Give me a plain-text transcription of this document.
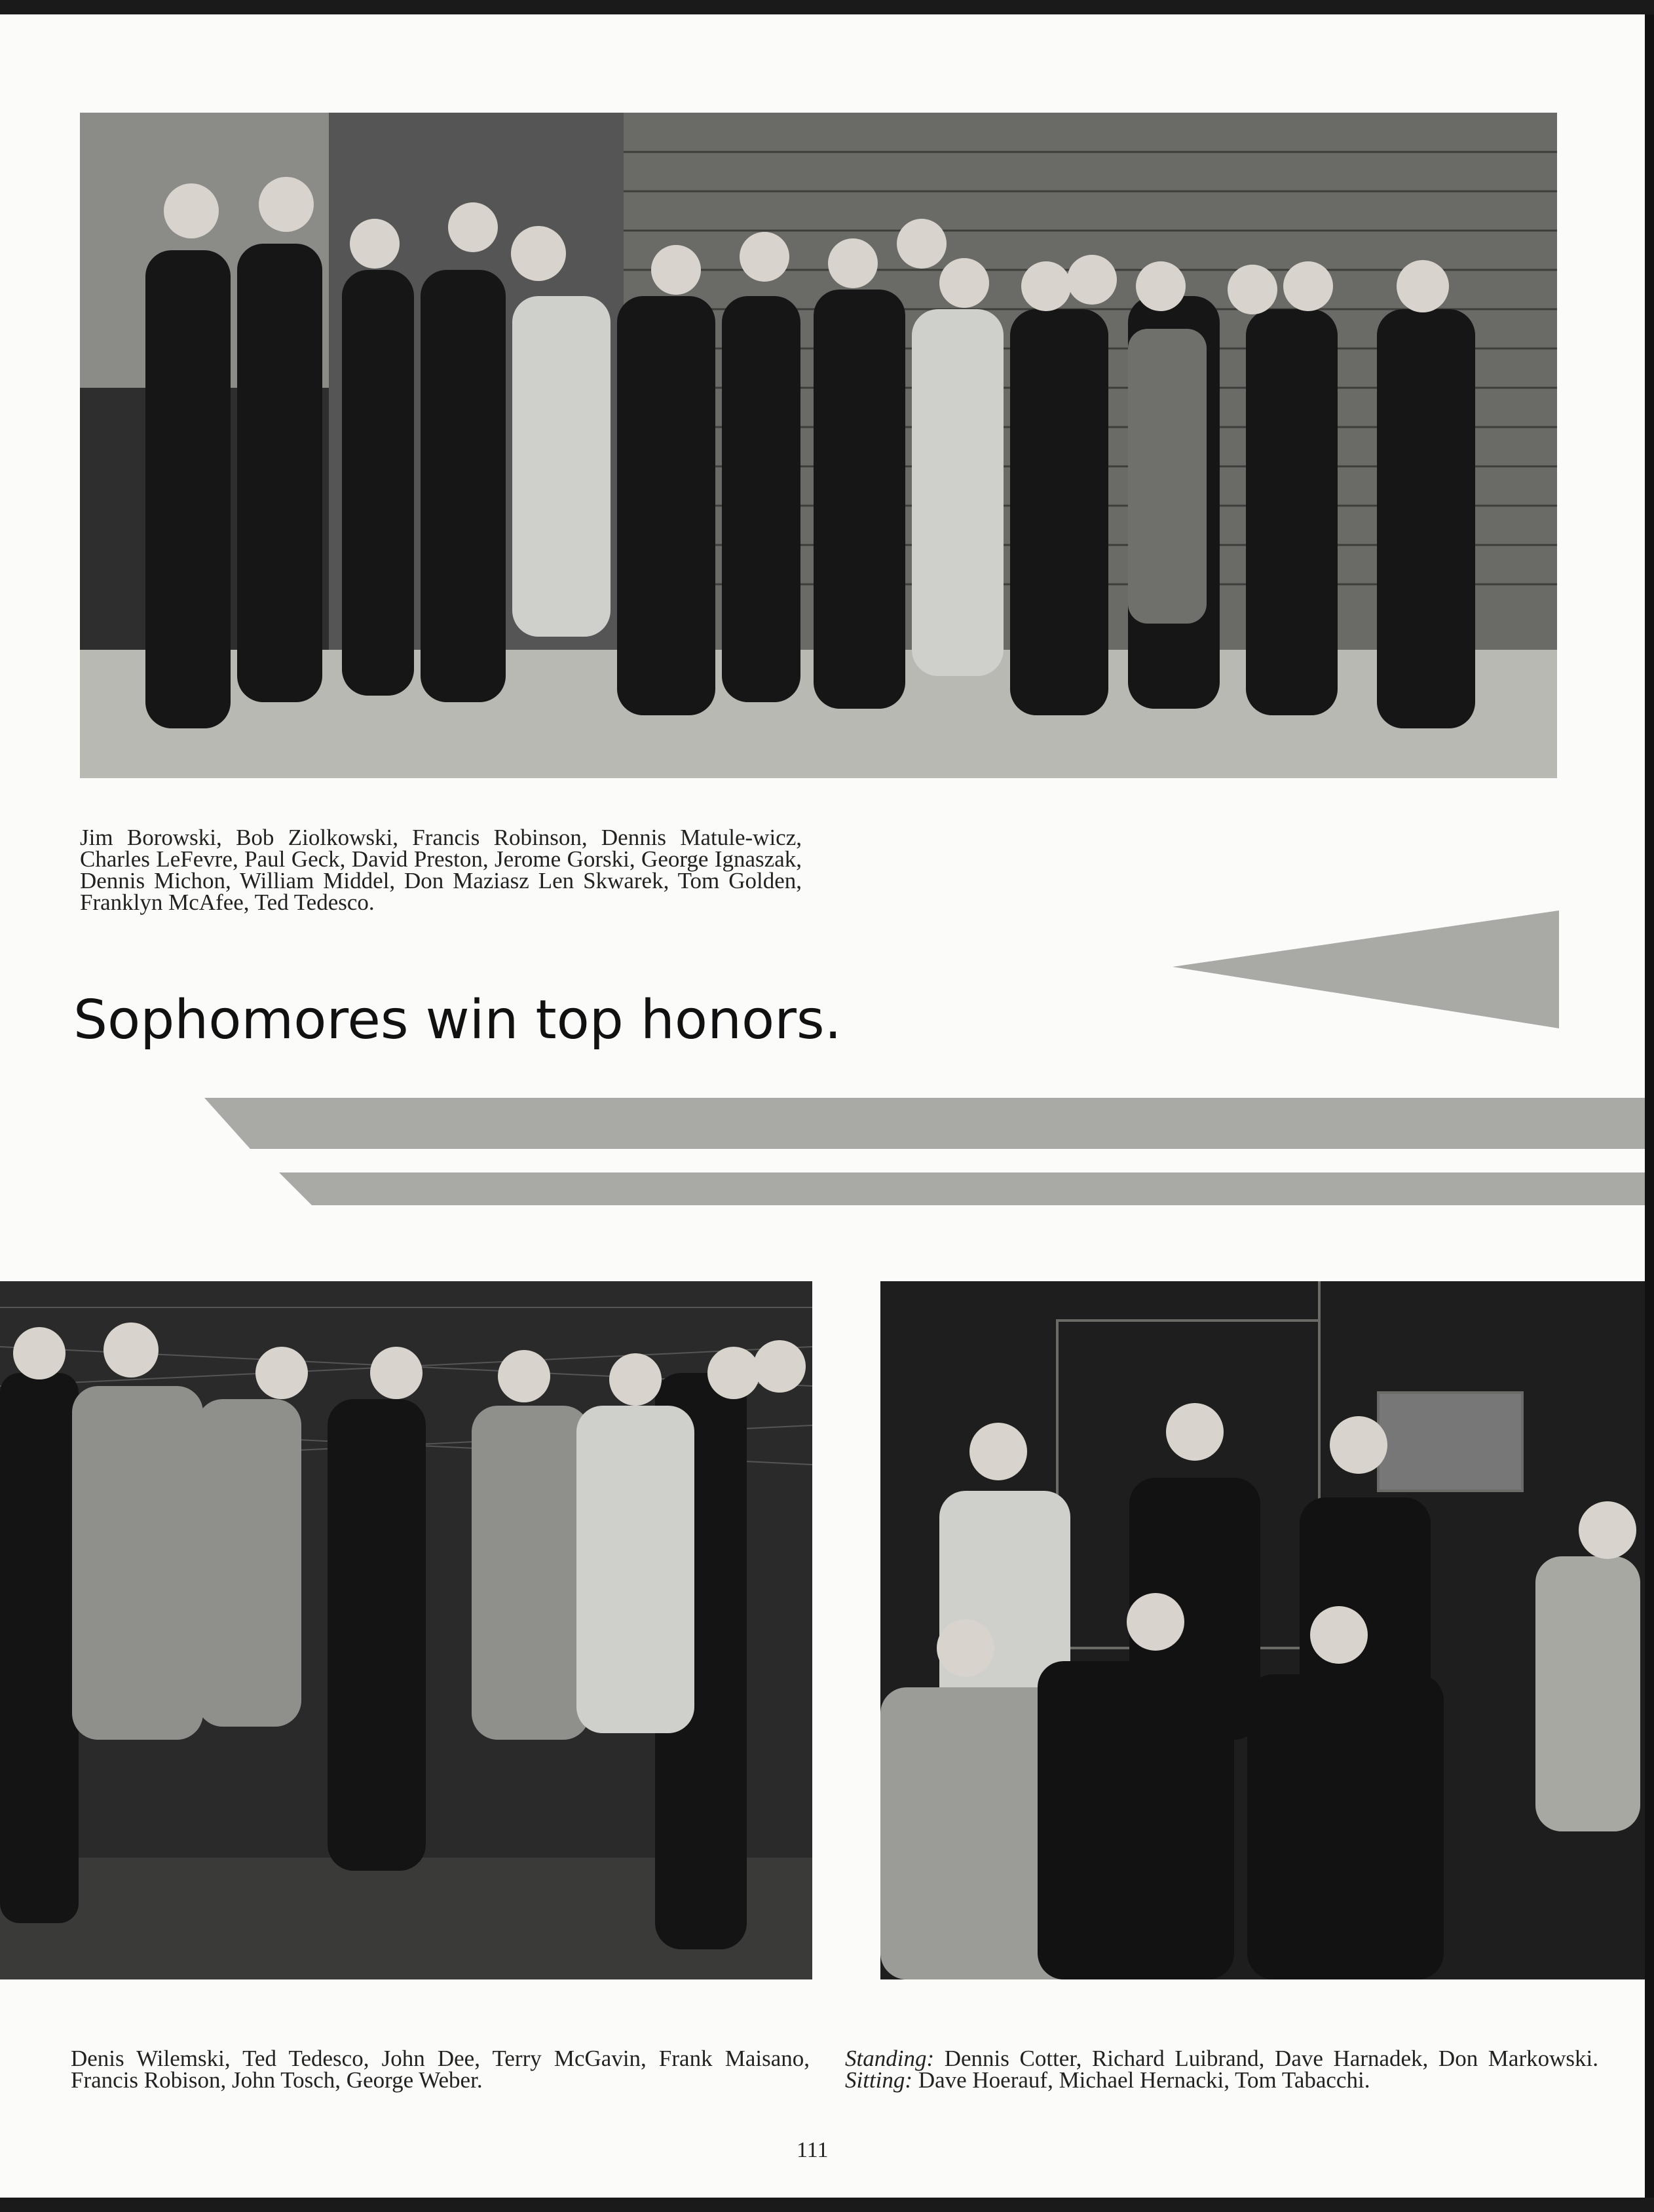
Jim Borowski, Bob Ziolkowski, Francis Robinson, Dennis Matule-wicz, Charles LeFevre, Paul Geck, David Preston, Jerome Gorski, George Ignaszak, Dennis Michon, William Middel, Don Maziasz Len Skwarek, Tom Golden, Franklyn McAfee, Ted Tedesco.
Sophomores win top honors.
Denis Wilemski, Ted Tedesco, John Dee, Terry McGavin, Frank Maisano, Francis Robison, John Tosch, George Weber.
Standing: Dennis Cotter, Richard Luibrand, Dave Harnadek, Don Markowski. Sitting: Dave Hoerauf, Michael Hernacki, Tom Tabacchi.
111
